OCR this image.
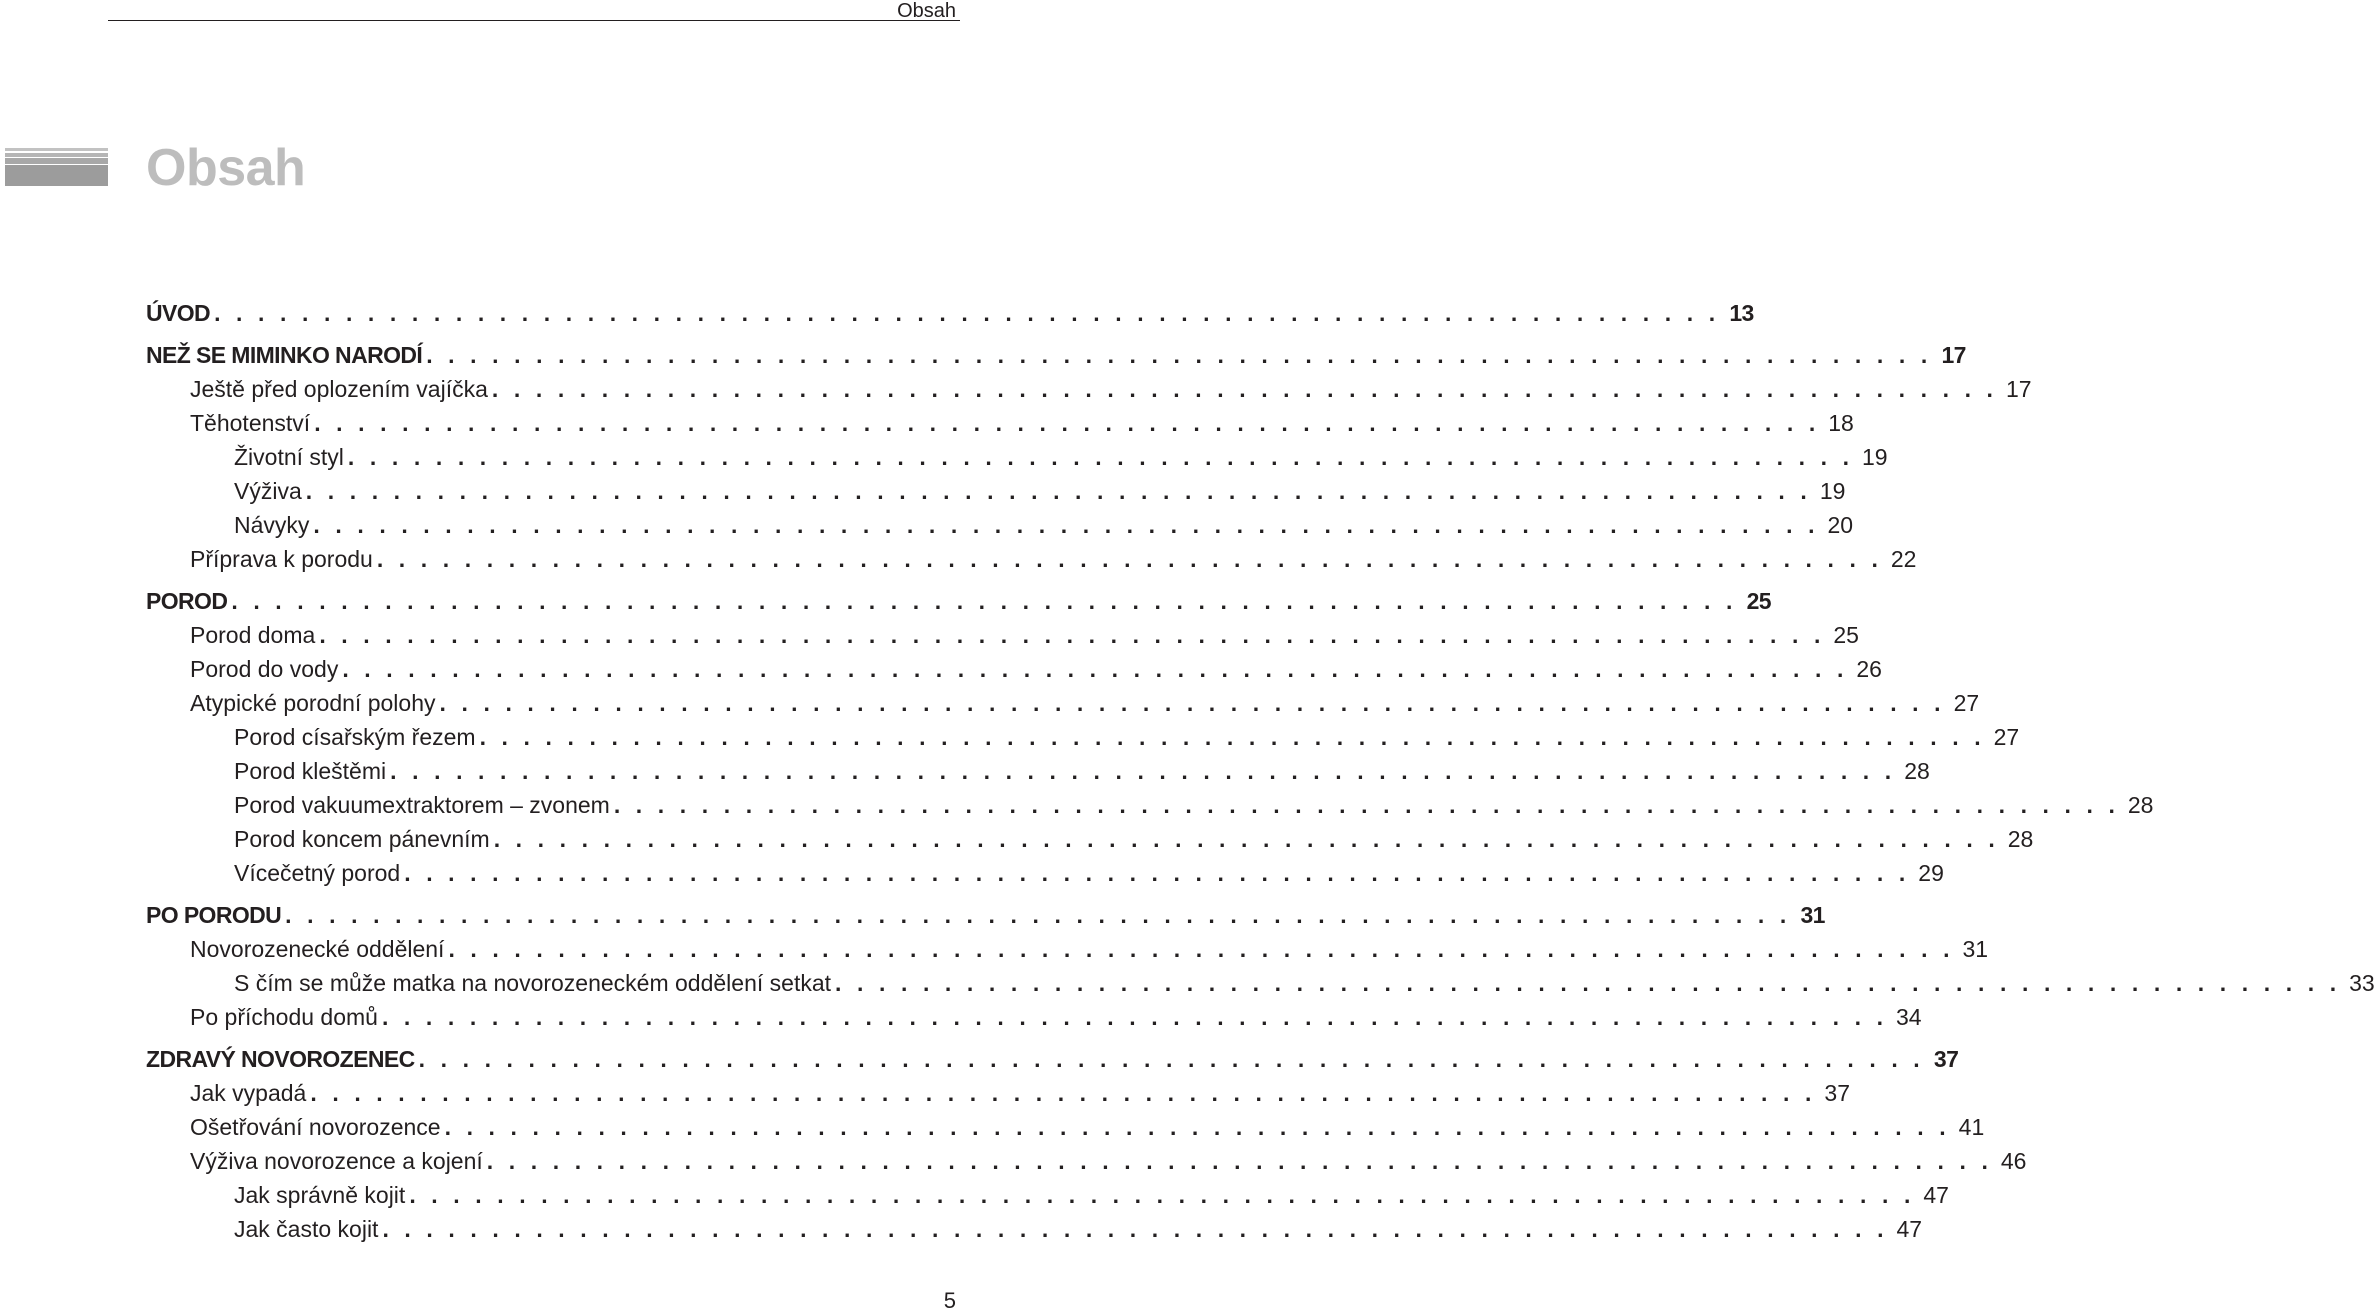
Obsah
Obsah
ÚVOD . . . . . . . . . . . . . . . . . . . . . . . . . . . . . . . . . . . . . . . . . . . . . . . . . . . . . . . . . . . . . . . . . . . . . 13
NEŽ SE MIMINKO NARODÍ . . . . . . . . . . . . . . . . . . . . . . . . . . . . . . . . . . . . . . . . . . . . . . . . . . . . . . . . . . . . . . . . . . . . . 17
Ještě před oplozením vajíčka . . . . . . . . . . . . . . . . . . . . . . . . . . . . . . . . . . . . . . . . . . . . . . . . . . . . . . . . . . . . . . . . . . . . . 17
Těhotenství . . . . . . . . . . . . . . . . . . . . . . . . . . . . . . . . . . . . . . . . . . . . . . . . . . . . . . . . . . . . . . . . . . . . . 18
Životní styl . . . . . . . . . . . . . . . . . . . . . . . . . . . . . . . . . . . . . . . . . . . . . . . . . . . . . . . . . . . . . . . . . . . . . 19
Výživa . . . . . . . . . . . . . . . . . . . . . . . . . . . . . . . . . . . . . . . . . . . . . . . . . . . . . . . . . . . . . . . . . . . . . 19
Návyky . . . . . . . . . . . . . . . . . . . . . . . . . . . . . . . . . . . . . . . . . . . . . . . . . . . . . . . . . . . . . . . . . . . . . 20
Příprava k porodu . . . . . . . . . . . . . . . . . . . . . . . . . . . . . . . . . . . . . . . . . . . . . . . . . . . . . . . . . . . . . . . . . . . . . 22
POROD . . . . . . . . . . . . . . . . . . . . . . . . . . . . . . . . . . . . . . . . . . . . . . . . . . . . . . . . . . . . . . . . . . . . . 25
Porod doma . . . . . . . . . . . . . . . . . . . . . . . . . . . . . . . . . . . . . . . . . . . . . . . . . . . . . . . . . . . . . . . . . . . . . 25
Porod do vody . . . . . . . . . . . . . . . . . . . . . . . . . . . . . . . . . . . . . . . . . . . . . . . . . . . . . . . . . . . . . . . . . . . . . 26
Atypické porodní polohy . . . . . . . . . . . . . . . . . . . . . . . . . . . . . . . . . . . . . . . . . . . . . . . . . . . . . . . . . . . . . . . . . . . . . 27
Porod císařským řezem . . . . . . . . . . . . . . . . . . . . . . . . . . . . . . . . . . . . . . . . . . . . . . . . . . . . . . . . . . . . . . . . . . . . . 27
Porod kleštěmi . . . . . . . . . . . . . . . . . . . . . . . . . . . . . . . . . . . . . . . . . . . . . . . . . . . . . . . . . . . . . . . . . . . . . 28
Porod vakuumextraktorem – zvonem . . . . . . . . . . . . . . . . . . . . . . . . . . . . . . . . . . . . . . . . . . . . . . . . . . . . . . . . . . . . . . . . . . . . . 28
Porod koncem pánevním . . . . . . . . . . . . . . . . . . . . . . . . . . . . . . . . . . . . . . . . . . . . . . . . . . . . . . . . . . . . . . . . . . . . . 28
Vícečetný porod . . . . . . . . . . . . . . . . . . . . . . . . . . . . . . . . . . . . . . . . . . . . . . . . . . . . . . . . . . . . . . . . . . . . . 29
PO PORODU . . . . . . . . . . . . . . . . . . . . . . . . . . . . . . . . . . . . . . . . . . . . . . . . . . . . . . . . . . . . . . . . . . . . . 31
Novorozenecké oddělení . . . . . . . . . . . . . . . . . . . . . . . . . . . . . . . . . . . . . . . . . . . . . . . . . . . . . . . . . . . . . . . . . . . . . 31
S čím se může matka na novorozeneckém oddělení setkat . . . . . . . . . . . . . . . . . . . . . . . . . . . . . . . . . . . . . . . . . . . . . . . . . . . . . . . . . . . . . . . . . . . . . 33
Po příchodu domů . . . . . . . . . . . . . . . . . . . . . . . . . . . . . . . . . . . . . . . . . . . . . . . . . . . . . . . . . . . . . . . . . . . . . 34
ZDRAVÝ NOVOROZENEC . . . . . . . . . . . . . . . . . . . . . . . . . . . . . . . . . . . . . . . . . . . . . . . . . . . . . . . . . . . . . . . . . . . . . 37
Jak vypadá . . . . . . . . . . . . . . . . . . . . . . . . . . . . . . . . . . . . . . . . . . . . . . . . . . . . . . . . . . . . . . . . . . . . . 37
Ošetřování novorozence . . . . . . . . . . . . . . . . . . . . . . . . . . . . . . . . . . . . . . . . . . . . . . . . . . . . . . . . . . . . . . . . . . . . . 41
Výživa novorozence a kojení . . . . . . . . . . . . . . . . . . . . . . . . . . . . . . . . . . . . . . . . . . . . . . . . . . . . . . . . . . . . . . . . . . . . . 46
Jak správně kojit . . . . . . . . . . . . . . . . . . . . . . . . . . . . . . . . . . . . . . . . . . . . . . . . . . . . . . . . . . . . . . . . . . . . . 47
Jak často kojit . . . . . . . . . . . . . . . . . . . . . . . . . . . . . . . . . . . . . . . . . . . . . . . . . . . . . . . . . . . . . . . . . . . . . 47
5
